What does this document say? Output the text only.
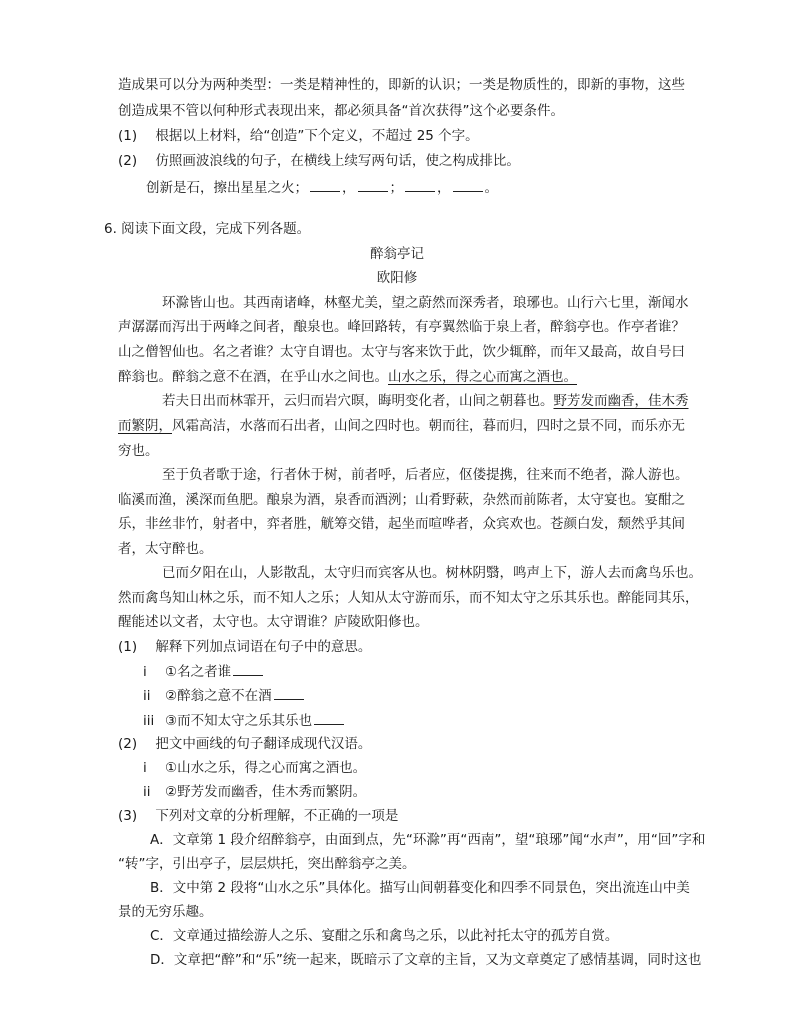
造成果可以分为两种类型：一类是精神性的，即新的认识；一类是物质性的，即新的事物，这些
创造成果不管以何种形式表现出来，都必须具备“首次获得”这个必要条件。
(1) 根据以上材料，给“创造”下个定义，不超过 25 个字。
(2) 仿照画波浪线的句子，在横线上续写两句话，使之构成排比。
创新是石，擦出星星之火；	，	；	，	。
6. 阅读下面文段，完成下列各题。
醉翁亭记
欧阳修
环滁皆山也。其西南诸峰，林壑尤美，望之蔚然而深秀者，琅琊也。山行六七里，渐闻水
声潺潺而泻出于两峰之间者，酿泉也。峰回路转，有亭翼然临于泉上者，醉翁亭也。作亭者谁？
山之僧智仙也。名之者谁？太守自谓也。太守与客来饮于此，饮少辄醉，而年又最高，故自号曰
醉翁也。醉翁之意不在酒，在乎山水之间也。山水之乐，得之心而寓之酒也。
若夫日出而林霏开，云归而岩穴暝，晦明变化者，山间之朝暮也。野芳发而幽香，佳木秀
而繁阴，风霜高洁，水落而石出者，山间之四时也。朝而往，暮而归，四时之景不同，而乐亦无
穷也。
至于负者歌于途，行者休于树，前者呼，后者应，伛偻提携，往来而不绝者，滁人游也。
临溪而渔，溪深而鱼肥。酿泉为酒，泉香而酒洌；山肴野蔌，杂然而前陈者，太守宴也。宴酣之
乐，非丝非竹，射者中，弈者胜，觥筹交错，起坐而喧哗者，众宾欢也。苍颜白发，颓然乎其间
者，太守醉也。
已而夕阳在山，人影散乱，太守归而宾客从也。树林阴翳，鸣声上下，游人去而禽鸟乐也。
然而禽鸟知山林之乐，而不知人之乐；人知从太守游而乐，而不知太守之乐其乐也。醉能同其乐，
醒能述以文者，太守也。太守谓谁？庐陵欧阳修也。
(1) 解释下列加点词语在句子中的意思。
i ①名之者谁
ii ②醉翁之意不在酒
iii ③而不知太守之乐其乐也
(2) 把文中画线的句子翻译成现代汉语。
i ①山水之乐，得之心而寓之酒也。
ii ②野芳发而幽香，佳木秀而繁阴。
(3) 下列对文章的分析理解，不正确的一项是
A．文章第 1 段介绍醉翁亭，由面到点，先“环滁”再“西南”，望“琅琊”闻“水声”，用“回”字和
“转”字，引出亭子，层层烘托，突出醉翁亭之美。
B．文中第 2 段将“山水之乐”具体化。描写山间朝暮变化和四季不同景色，突出流连山中美
景的无穷乐趣。
C．文章通过描绘游人之乐、宴酣之乐和禽鸟之乐，以此衬托太守的孤芳自赏。
D．文章把“醉”和“乐”统一起来，既暗示了文章的主旨，又为文章奠定了感情基调，同时这也
